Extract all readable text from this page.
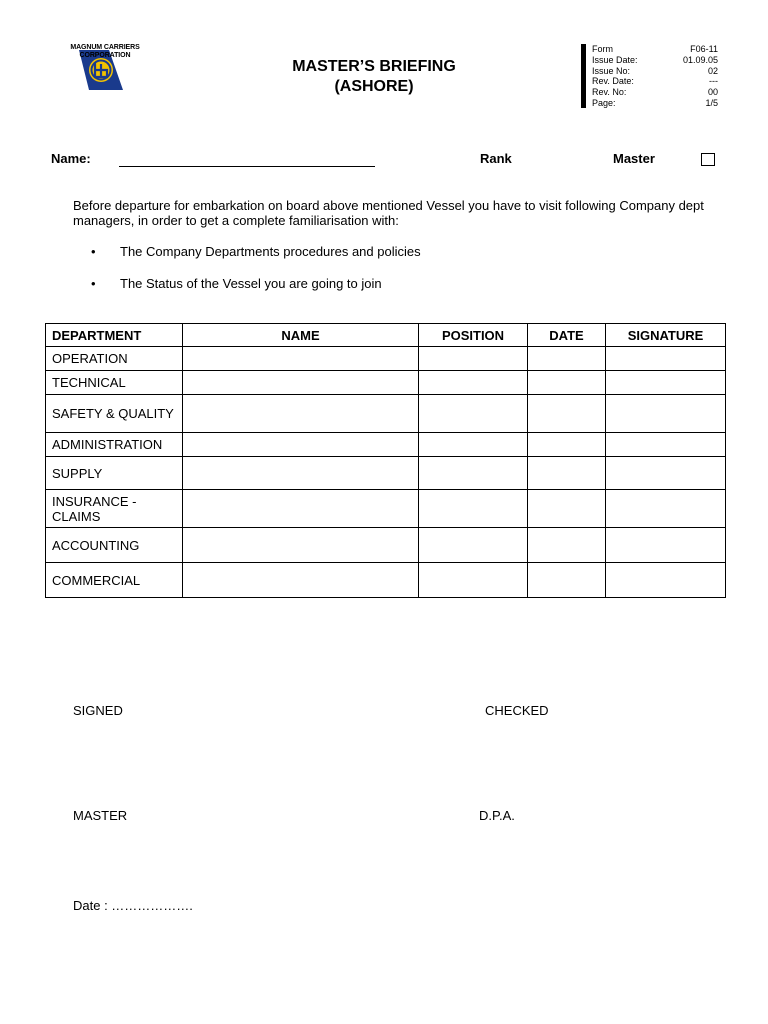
MAGNUM CARRIERS
CORPORATION
MASTER’S BRIEFING
(ASHORE)
Form	F06-11
Issue Date:	01.09.05
Issue No:	02
Rev. Date:	---
Rev. No:	00
Page:	1/5
Name:	Rank	Master
Before departure for embarkation on board above mentioned Vessel you have to visit following Company dept managers, in order to get a complete familiarisation with:
• The Company Departments procedures and policies
• The Status of the Vessel you are going to join
DEPARTMENT	NAME	POSITION	DATE	SIGNATURE
OPERATION				
TECHNICAL				
SAFETY & QUALITY				
ADMINISTRATION				
SUPPLY				
INSURANCE - CLAIMS				
ACCOUNTING				
COMMERCIAL				
SIGNED	CHECKED
MASTER	D.P.A.
Date : ……………….
